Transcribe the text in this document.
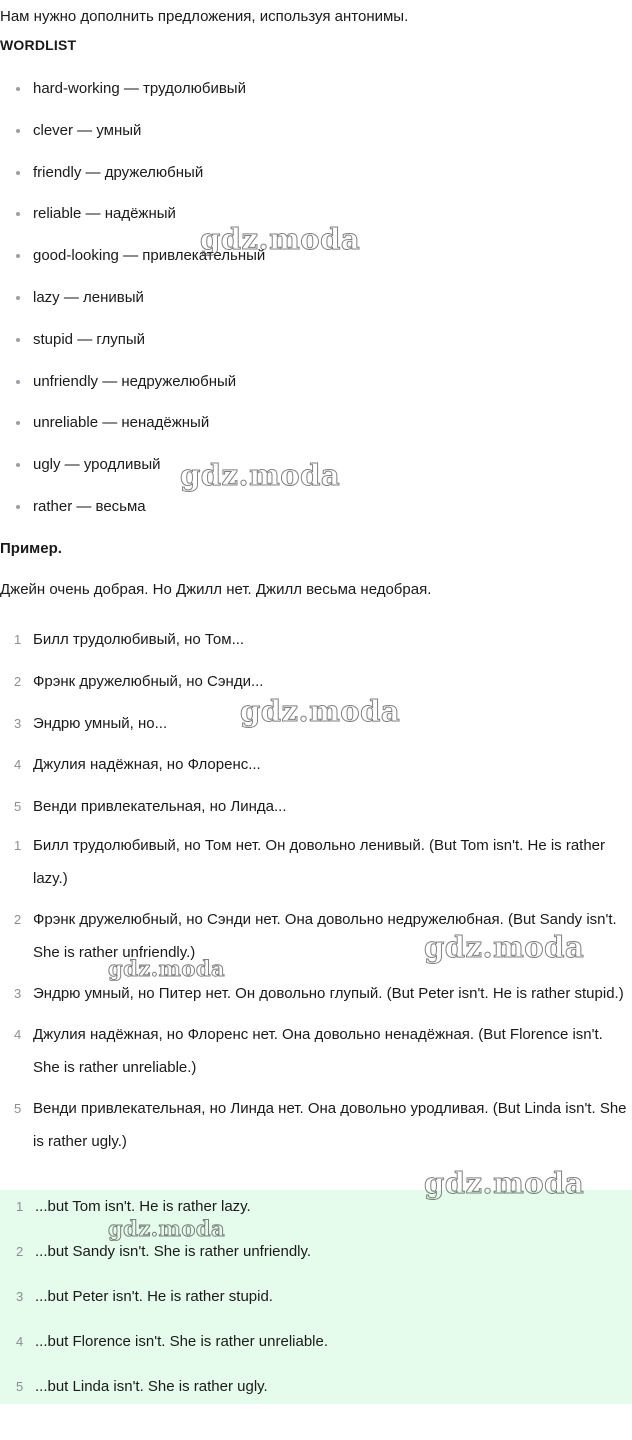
Нам нужно дополнить предложения, используя антонимы.
WORDLIST
hard-working — трудолюбивый
clever — умный
friendly — дружелюбный
reliable — надёжный
good-looking — привлекательный
lazy — ленивый
stupid — глупый
unfriendly — недружелюбный
unreliable — ненадёжный
ugly — уродливый
rather — весьма
Пример.
Джейн очень добрая. Но Джилл нет. Джилл весьма недобрая.
1 Билл трудолюбивый, но Том...
2 Фрэнк дружелюбный, но Сэнди...
3 Эндрю умный, но...
4 Джулия надёжная, но Флоренс...
5 Венди привлекательная, но Линда...
1 Билл трудолюбивый, но Том нет. Он довольно ленивый. (But Tom isn't. He is rather lazy.)
2 Фрэнк дружелюбный, но Сэнди нет. Она довольно недружелюбная. (But Sandy isn't. She is rather unfriendly.)
3 Эндрю умный, но Питер нет. Он довольно глупый. (But Peter isn't. He is rather stupid.)
4 Джулия надёжная, но Флоренс нет. Она довольно ненадёжная. (But Florence isn't. She is rather unreliable.)
5 Венди привлекательная, но Линда нет. Она довольно уродливая. (But Linda isn't. She is rather ugly.)
1 ...but Tom isn't. He is rather lazy.
2 ...but Sandy isn't. She is rather unfriendly.
3 ...but Peter isn't. He is rather stupid.
4 ...but Florence isn't. She is rather unreliable.
5 ...but Linda isn't. She is rather ugly.
gdz.moda
gdz.moda
gdz.moda
gdz.moda
gdz.moda
gdz.moda
gdz.moda
